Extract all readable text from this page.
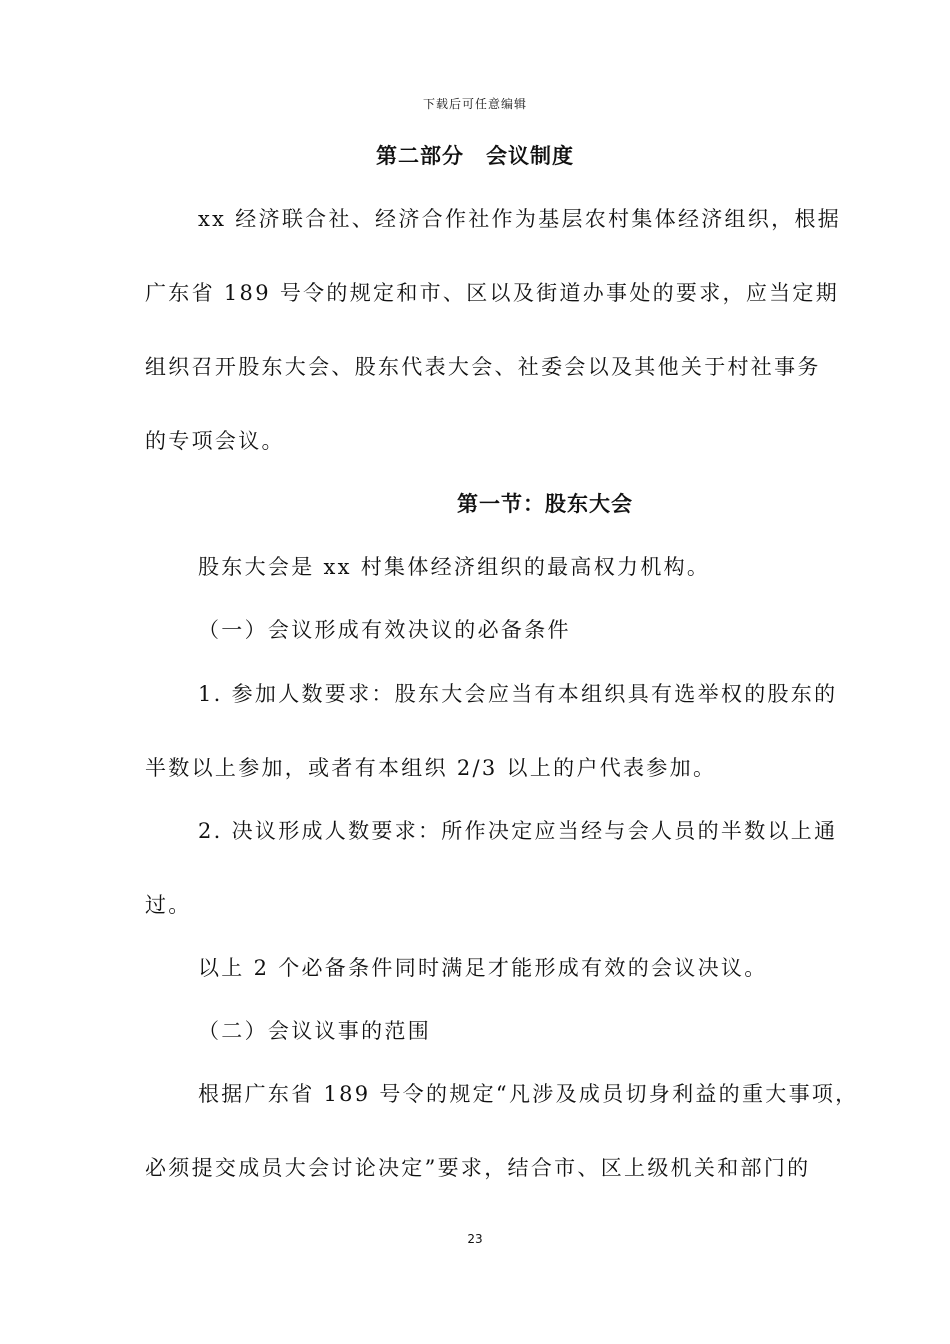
下载后可任意编辑
第二部分　会议制度
xx 经济联合社、经济合作社作为基层农村集体经济组织，根据
广东省 189 号令的规定和市、区以及街道办事处的要求，应当定期
组织召开股东大会、股东代表大会、社委会以及其他关于村社事务
的专项会议。
第一节：股东大会
股东大会是 xx 村集体经济组织的最高权力机构。
（一）会议形成有效决议的必备条件
1. 参加人数要求：股东大会应当有本组织具有选举权的股东的
半数以上参加，或者有本组织 2/3 以上的户代表参加。
2. 决议形成人数要求：所作决定应当经与会人员的半数以上通
过。
以上 2 个必备条件同时满足才能形成有效的会议决议。
（二）会议议事的范围
根据广东省 189 号令的规定“凡涉及成员切身利益的重大事项，
必须提交成员大会讨论决定”要求，结合市、区上级机关和部门的
23
